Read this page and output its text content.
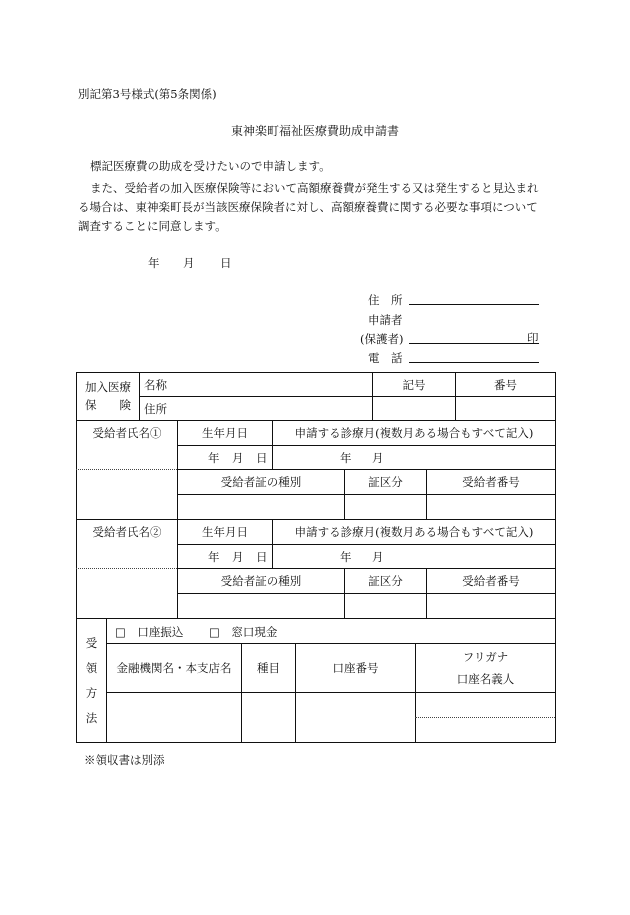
別記第3号様式(第5条関係)
東神楽町福祉医療費助成申請書
標記医療費の助成を受けたいので申請します。
また、受給者の加入医療保険等において高額療養費が発生する又は発生すると見込まれ
る場合は、東神楽町長が当該医療保険者に対し、高額療養費に関する必要な事項について
調査することに同意します。
年 月 日
住　所
申請者
(保護者)	印
電　話
加入医療
保　　険
名称	記号	番号
住所
受給者氏名①	生年月日	申請する診療月(複数月ある場合もすべて記入)
年 月 日	年 月
受給者証の種別	証区分	受給者番号
受給者氏名②	生年月日	申請する診療月(複数月ある場合もすべて記入)
年 月 日	年 月
受給者証の種別	証区分	受給者番号
受
領
方
法
□　口座振込 □　窓口現金
金融機関名・本支店名	種目	口座番号
フリガナ
口座名義人
※領収書は別添
